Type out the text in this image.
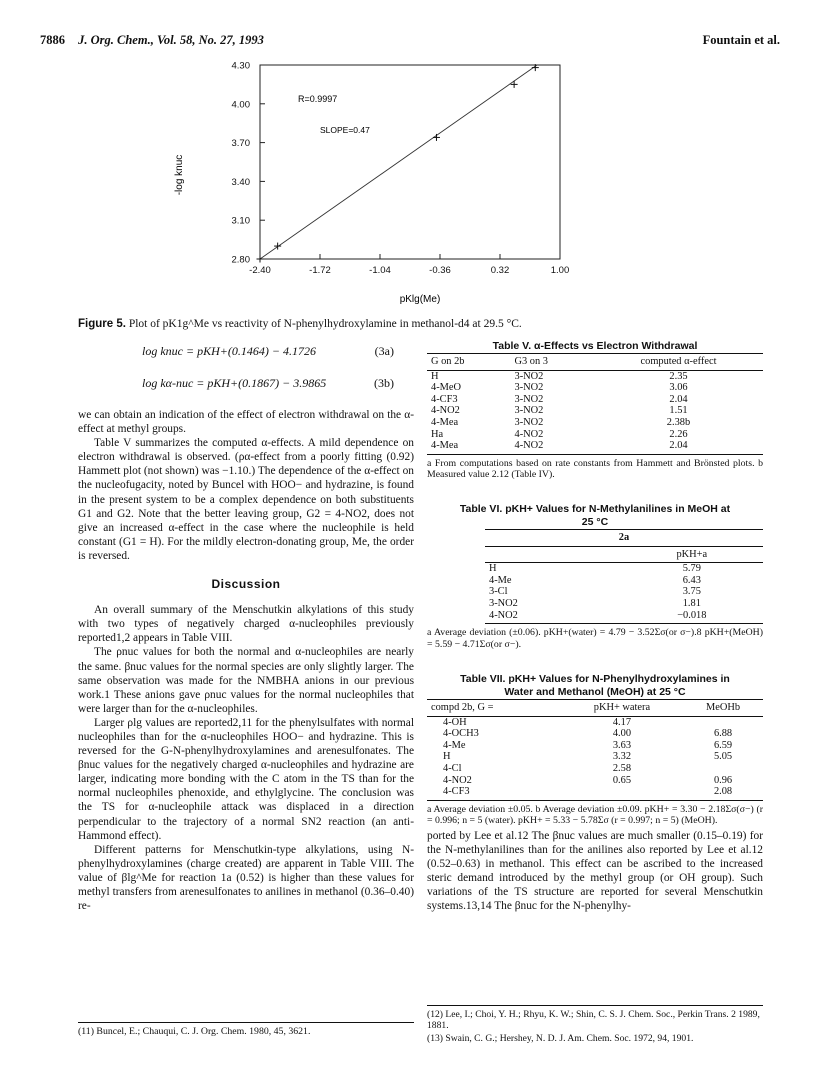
7886 J. Org. Chem., Vol. 58, No. 27, 1993	Fountain et al.
2.80
3.10
3.40
3.70
4.00
4.30
-2.40	-1.72	-1.04	-0.36	0.32	1.00
R=0.9997
SLOPE=0.47
-log knuc
pKlg(Me)
Figure 5. Plot of pK1g^Me vs reactivity of N-phenylhydroxylamine in methanol-d4 at 29.5 °C.
log knuc = pKH+(0.1464) − 4.1726	(3a)
log kα-nuc = pKH+(0.1867) − 3.9865	(3b)

we can obtain an indication of the effect of electron withdrawal on the α-effect at methyl groups.

Table V summarizes the computed α-effects. A mild dependence on electron withdrawal is observed. (ρα-effect from a poorly fitting (0.92) Hammett plot (not shown) was −1.10.) The dependence of the α-effect on the nucleofugacity, noted by Buncel with HOO− and hydrazine, is found in the present system to be a complex dependence on both substituents G1 and G2. Note that the better leaving group, G2 = 4-NO2, does not give an increased α-effect in the case where the nucleophile is held constant (G1 = H). For the mildly electron-donating group, Me, the order is reversed.

Discussion

An overall summary of the Menschutkin alkylations of this study with two types of negatively charged α-nucleophiles previously reported1,2 appears in Table VIII.

The ρnuc values for both the normal and α-nucleophiles are nearly the same. βnuc values for the normal species are only slightly larger. The same observation was made for the NMBHA anions in our previous work.1 These anions gave ρnuc values for the normal nucleophiles that were larger than for the α-nucleophiles.

Larger ρlg values are reported2,11 for the phenylsulfates with normal nucleophiles than for the α-nucleophiles HOO− and hydrazine. This is reversed for the G-N-phenylhydroxylamines and arenesulfonates. The βnuc values for the negatively charged α-nucleophiles and hydrazine are larger, indicating more bonding with the C atom in the TS than for the normal nucleophiles phenoxide, and ethylglycine. The conclusion was the TS for α-nucleophile attack was displaced in a direction perpendicular to the trajectory of a normal SN2 reaction (an anti-Hammond effect).

Different patterns for Menschutkin-type alkylations, using N-phenylhydroxylamines (charge created) are apparent in Table VIII. The value of βlg^Me for reaction 1a (0.52) is higher than these values for methyl transfers from arenesulfonates to anilines in methanol (0.36–0.40) re-

Table V. α-Effects vs Electron Withdrawal
G on 2b	G3 on 3	computed α-effect
H	3-NO2	2.35
4-MeO	3-NO2	3.06
4-CF3	3-NO2	2.04
4-NO2	3-NO2	1.51
4-Mea	3-NO2	2.38b
Ha	4-NO2	2.26
4-Mea	4-NO2	2.04
a From computations based on rate constants from Hammett and Brönsted plots. b Measured value 2.12 (Table IV).
Table VI. pKH+ Values for N-Methylanilines in MeOH at
25 °C
2a	
	pKH+a
H	5.79
4-Me	6.43
3-Cl	3.75
3-NO2	1.81
4-NO2	−0.018
a Average deviation (±0.06). pKH+(water) = 4.79 − 3.52Σσ(or σ−).8 pKH+(MeOH) = 5.59 − 4.71Σσ(or σ−).
Table VII. pKH+ Values for N-Phenylhydroxylamines in
Water and Methanol (MeOH) at 25 °C
compd 2b, G =	pKH+ watera	MeOHb
4-OH	4.17	
4-OCH3	4.00	6.88
4-Me	3.63	6.59
H	3.32	5.05
4-Cl	2.58	
4-NO2	0.65	0.96
4-CF3		2.08
a Average deviation ±0.05. b Average deviation ±0.09. pKH+ = 3.30 − 2.18Σσ(σ−) (r = 0.996; n = 5 (water). pKH+ = 5.33 − 5.78Σσ (r = 0.997; n = 5) (MeOH).

ported by Lee et al.12 The βnuc values are much smaller (0.15–0.19) for the N-methylanilines than for the anilines also reported by Lee et al.12 (0.52–0.63) in methanol. This effect can be ascribed to the increased steric demand introduced by the methyl group (or OH group). Such variations of the TS structure are reported for several Menschutkin systems.13,14 The βnuc for the N-phenylhy-

(11) Buncel, E.; Chauqui, C. J. Org. Chem. 1980, 45, 3621.

(12) Lee, I.; Choi, Y. H.; Rhyu, K. W.; Shin, C. S. J. Chem. Soc., Perkin Trans. 2 1989, 1881.

(13) Swain, C. G.; Hershey, N. D. J. Am. Chem. Soc. 1972, 94, 1901.
